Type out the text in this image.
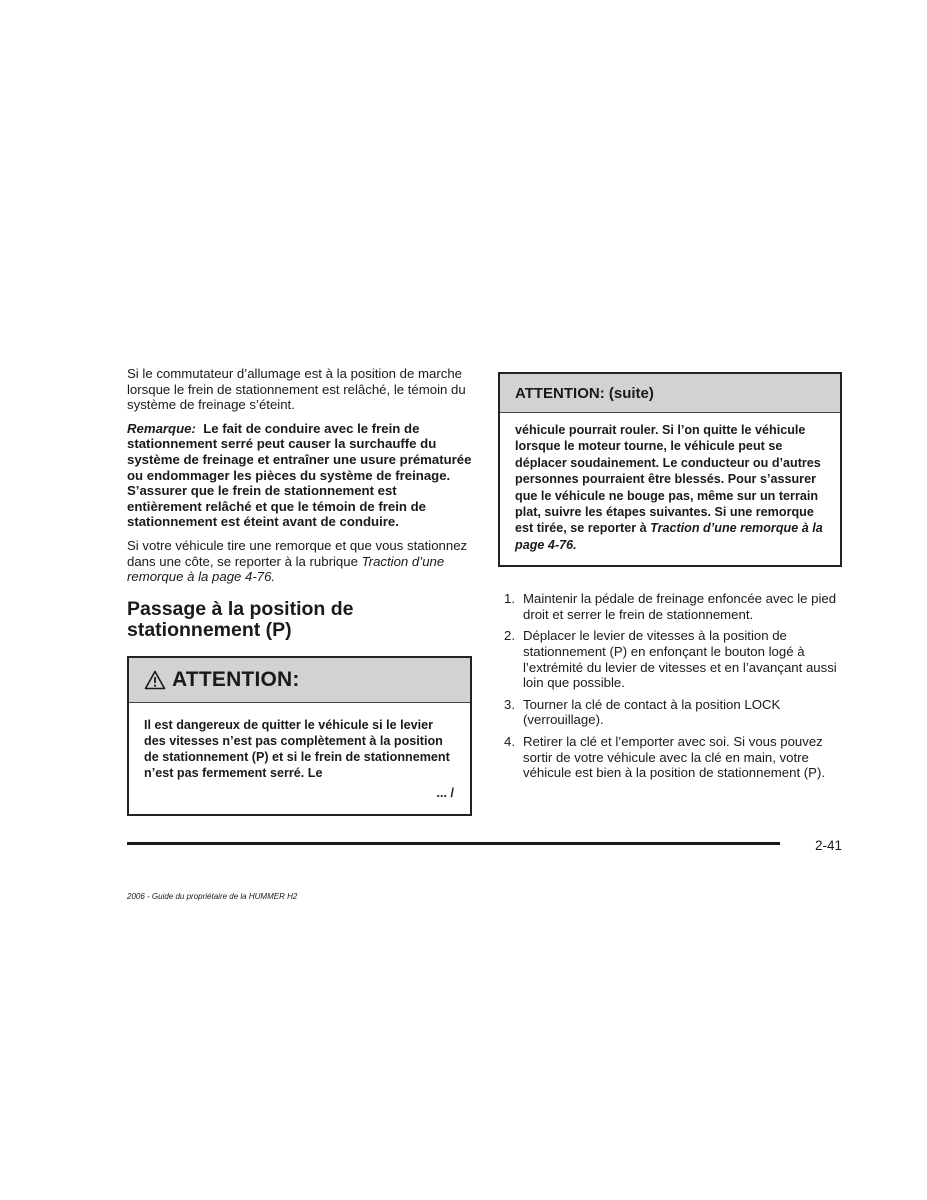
Si le commutateur d’allumage est à la position de marche lorsque le frein de stationnement est relâché, le témoin du système de freinage s’éteint.

Remarque: Le fait de conduire avec le frein de stationnement serré peut causer la surchauffe du système de freinage et entraîner une usure prématurée ou endommager les pièces du système de freinage. S’assurer que le frein de stationnement est entièrement relâché et que le témoin de frein de stationnement est éteint avant de conduire.

Si votre véhicule tire une remorque et que vous stationnez dans une côte, se reporter à la rubrique Traction d’une remorque à la page 4-76.

Passage à la position de stationnement (P)
ATTENTION:

Il est dangereux de quitter le véhicule si le levier des vitesses n’est pas complètement à la position de stationnement (P) et si le frein de stationnement n’est pas fermement serré. Le

... /
ATTENTION: (suite)

véhicule pourrait rouler. Si l’on quitte le véhicule lorsque le moteur tourne, le véhicule peut se déplacer soudainement. Le conducteur ou d’autres personnes pourraient être blessés. Pour s’assurer que le véhicule ne bouge pas, même sur un terrain plat, suivre les étapes suivantes. Si une remorque est tirée, se reporter à Traction d’une remorque à la page 4-76.

1. Maintenir la pédale de freinage enfoncée avec le pied droit et serrer le frein de stationnement.
2. Déplacer le levier de vitesses à la position de stationnement (P) en enfonçant le bouton logé à l’extrémité du levier de vitesses et en l’avançant aussi loin que possible.
3. Tourner la clé de contact à la position LOCK (verrouillage).
4. Retirer la clé et l’emporter avec soi. Si vous pouvez sortir de votre véhicule avec la clé en main, votre véhicule est bien à la position de stationnement (P).
2-41
2006 - Guide du propriétaire de la HUMMER H2
